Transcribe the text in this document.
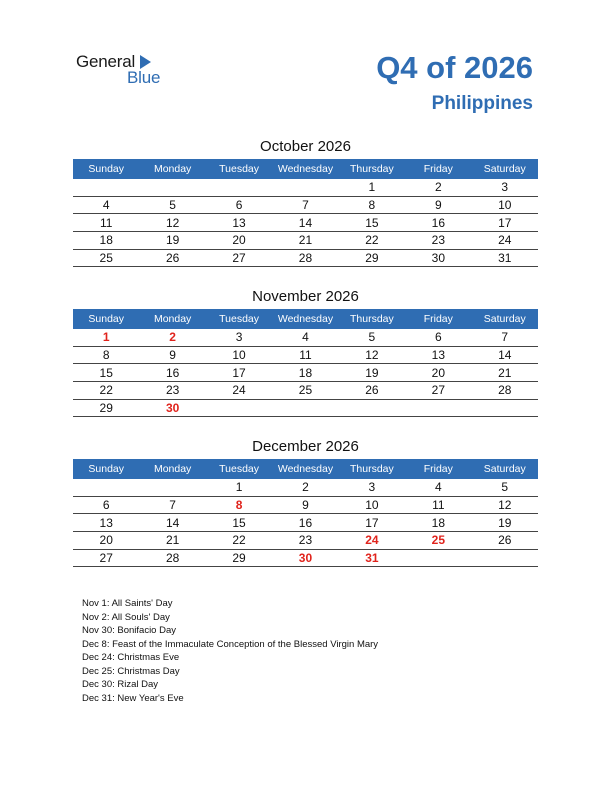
General
Blue	Q4 of 2026
Philippines
October 2026
Sunday	Monday	Tuesday	Wednesday	Thursday	Friday	Saturday
				1	2	3
4	5	6	7	8	9	10
11	12	13	14	15	16	17
18	19	20	21	22	23	24
25	26	27	28	29	30	31
November 2026
Sunday	Monday	Tuesday	Wednesday	Thursday	Friday	Saturday
1	2	3	4	5	6	7
8	9	10	11	12	13	14
15	16	17	18	19	20	21
22	23	24	25	26	27	28
29	30					
December 2026
Sunday	Monday	Tuesday	Wednesday	Thursday	Friday	Saturday
		1	2	3	4	5
6	7	8	9	10	11	12
13	14	15	16	17	18	19
20	21	22	23	24	25	26
27	28	29	30	31		
Nov 1: All Saints' Day
Nov 2: All Souls' Day
Nov 30: Bonifacio Day
Dec 8: Feast of the Immaculate Conception of the Blessed Virgin Mary
Dec 24: Christmas Eve
Dec 25: Christmas Day
Dec 30: Rizal Day
Dec 31: New Year's Eve
